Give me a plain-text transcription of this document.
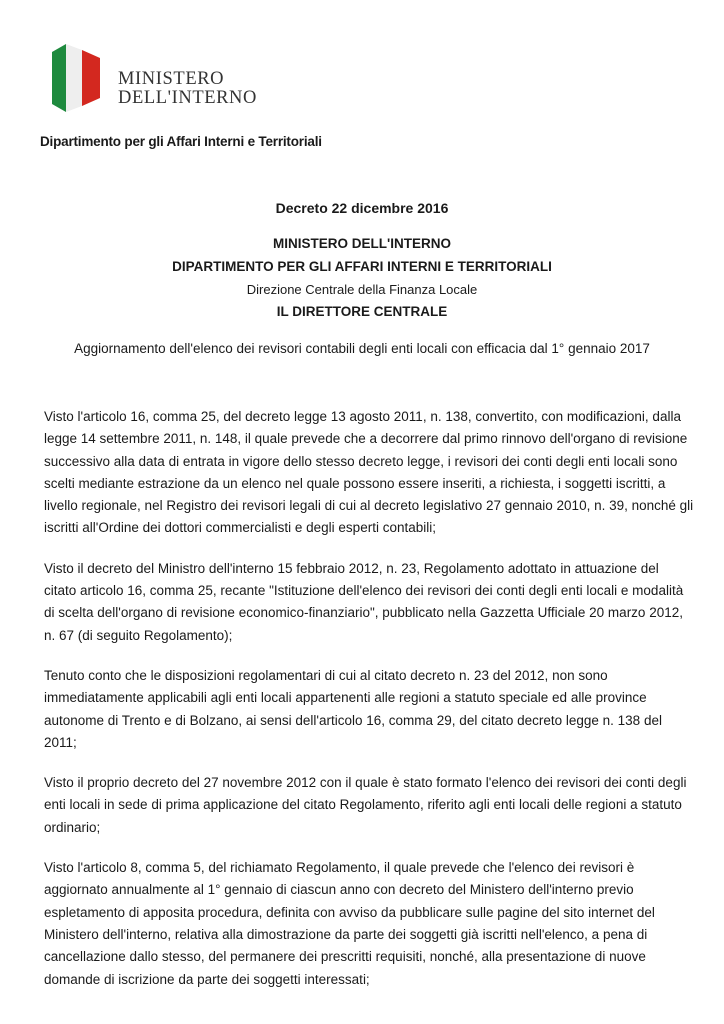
MINISTERO
DELL'INTERNO
Dipartimento per gli Affari Interni e Territoriali
Decreto 22 dicembre 2016
MINISTERO DELL'INTERNO
DIPARTIMENTO PER GLI AFFARI INTERNI E TERRITORIALI
Direzione Centrale della Finanza Locale
IL DIRETTORE CENTRALE
Aggiornamento dell'elenco dei revisori contabili degli enti locali con efficacia dal 1° gennaio 2017

Visto l'articolo 16, comma 25, del decreto legge 13 agosto 2011, n. 138, convertito, con modificazioni, dalla legge 14 settembre 2011, n. 148, il quale prevede che a decorrere dal primo rinnovo dell'organo di revisione successivo alla data di entrata in vigore dello stesso decreto legge, i revisori dei conti degli enti locali sono scelti mediante estrazione da un elenco nel quale possono essere inseriti, a richiesta, i soggetti iscritti, a livello regionale, nel Registro dei revisori legali di cui al decreto legislativo 27 gennaio 2010, n. 39, nonché gli iscritti all'Ordine dei dottori commercialisti e degli esperti contabili;

Visto il decreto del Ministro dell'interno 15 febbraio 2012, n. 23, Regolamento adottato in attuazione del citato articolo 16, comma 25, recante "Istituzione dell'elenco dei revisori dei conti degli enti locali e modalità di scelta dell'organo di revisione economico-finanziario", pubblicato nella Gazzetta Ufficiale 20 marzo 2012, n. 67 (di seguito Regolamento);

Tenuto conto che le disposizioni regolamentari di cui al citato decreto n. 23 del 2012, non sono immediatamente applicabili agli enti locali appartenenti alle regioni a statuto speciale ed alle province autonome di Trento e di Bolzano, ai sensi dell'articolo 16, comma 29, del citato decreto legge n. 138 del 2011;

Visto il proprio decreto del 27 novembre 2012 con il quale è stato formato l'elenco dei revisori dei conti degli enti locali in sede di prima applicazione del citato Regolamento, riferito agli enti locali delle regioni a statuto ordinario;

Visto l'articolo 8, comma 5, del richiamato Regolamento, il quale prevede che l'elenco dei revisori è aggiornato annualmente al 1° gennaio di ciascun anno con decreto del Ministero dell'interno previo espletamento di apposita procedura, definita con avviso da pubblicare sulle pagine del sito internet del Ministero dell'interno, relativa alla dimostrazione da parte dei soggetti già iscritti nell'elenco, a pena di cancellazione dallo stesso, del permanere dei prescritti requisiti, nonché, alla presentazione di nuove domande di iscrizione da parte dei soggetti interessati;
